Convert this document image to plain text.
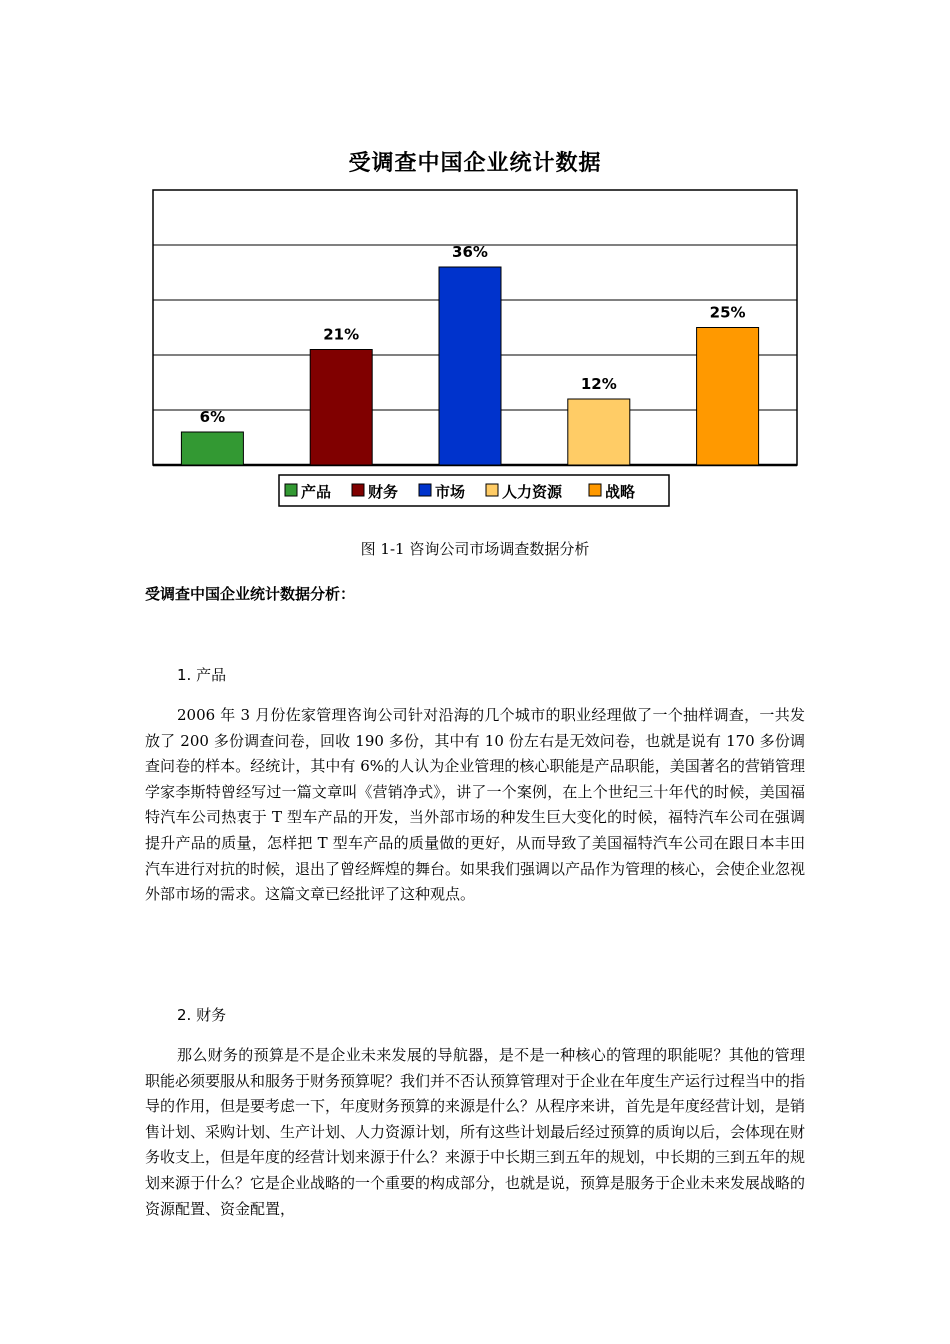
受调查中国企业统计数据
6%
21%
36%
12%
25%
产品 财务 市场 人力资源	战略
图 1-1 咨询公司市场调查数据分析
受调查中国企业统计数据分析：
1. 产品

2006 年 3 月份佐家管理咨询公司针对沿海的几个城市的职业经理做了一个抽样调查，一共发放了 200 多份调查问卷，回收 190 多份，其中有 10 份左右是无效问卷，也就是说有 170 多份调查问卷的样本。经统计，其中有 6%的人认为企业管理的核心职能是产品职能，美国著名的营销管理学家李斯特曾经写过一篇文章叫《营销净式》，讲了一个案例，在上个世纪三十年代的时候，美国福特汽车公司热衷于 T 型车产品的开发，当外部市场的种发生巨大变化的时候，福特汽车公司在强调提升产品的质量，怎样把 T 型车产品的质量做的更好，从而导致了美国福特汽车公司在跟日本丰田汽车进行对抗的时候，退出了曾经辉煌的舞台。如果我们强调以产品作为管理的核心，会使企业忽视外部市场的需求。这篇文章已经批评了这种观点。

2. 财务

那么财务的预算是不是企业未来发展的导航器，是不是一种核心的管理的职能呢？其他的管理职能必须要服从和服务于财务预算呢？我们并不否认预算管理对于企业在年度生产运行过程当中的指导的作用，但是要考虑一下，年度财务预算的来源是什么？从程序来讲，首先是年度经营计划，是销售计划、采购计划、生产计划、人力资源计划，所有这些计划最后经过预算的质询以后，会体现在财务收支上，但是年度的经营计划来源于什么？来源于中长期三到五年的规划，中长期的三到五年的规划来源于什么？它是企业战略的一个重要的构成部分，也就是说，预算是服务于企业未来发展战略的资源配置、资金配置，
